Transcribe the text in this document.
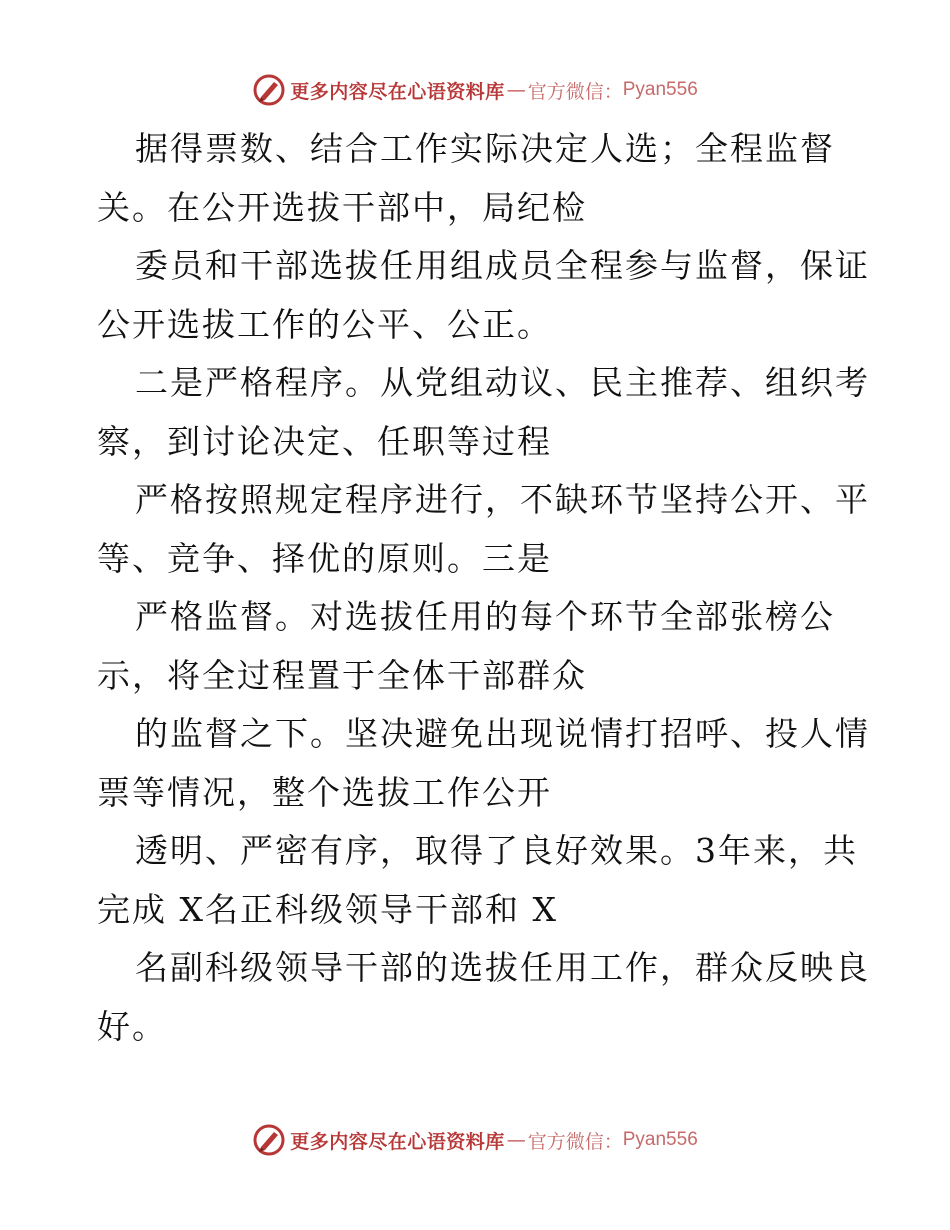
更多内容尽在心语资料库 — 官方微信： Pyan556
据得票数、结合工作实际决定人选；全程监督
关。在公开选拔干部中，局纪检
委员和干部选拔任用组成员全程参与监督，保证
公开选拔工作的公平、公正。
二是严格程序。从党组动议、民主推荐、组织考
察，到讨论决定、任职等过程
严格按照规定程序进行，不缺环节坚持公开、平
等、竞争、择优的原则。三是
严格监督。对选拔任用的每个环节全部张榜公
示，将全过程置于全体干部群众
的监督之下。坚决避免出现说情打招呼、投人情
票等情况，整个选拔工作公开
透明、严密有序，取得了良好效果。3年来，共
完成 X名正科级领导干部和 X
名副科级领导干部的选拔任用工作，群众反映良
好。
更多内容尽在心语资料库 — 官方微信： Pyan556
